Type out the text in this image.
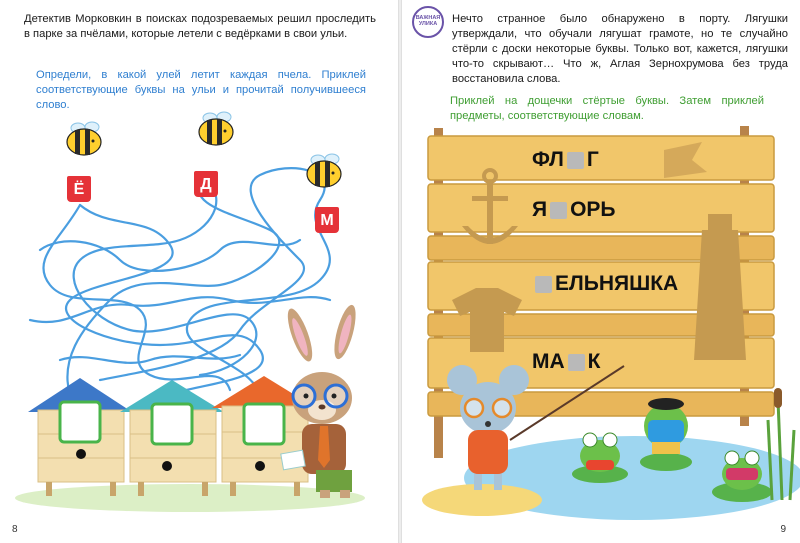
Детектив Морковкин в поисках подозреваемых решил проследить в парке за пчёлами, которые летели с ведёрками в свои ульи.

Определи, в какой улей летит каждая пчела. Приклей соответствующие буквы на ульи и прочитай получившееся слово.

Ё	Д
М
8
ВАЖНАЯ УЛИКА	Нечто странное было обнаружено в порту. Лягушки утверждали, что обучали лягушат грамоте, но те случайно стёрли с доски некоторые буквы. Только вот, кажется, лягушки что-то скрывают… Что ж, Аглая Зернохрумова без труда восстановила слова.

Приклей на дощечки стёртые буквы. Затем приклей предметы, соответствующие словам.

ФЛ Г
Я ОРЬ
ЕЛЬНЯШКА
МА К
9
